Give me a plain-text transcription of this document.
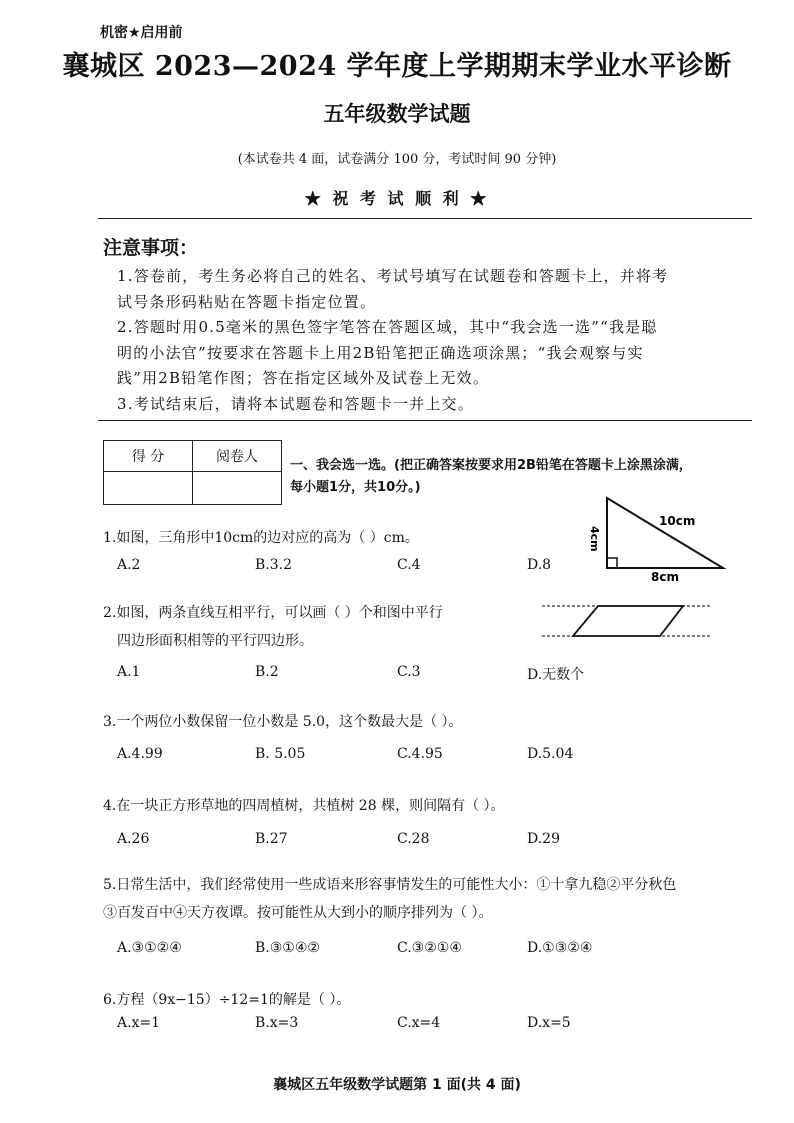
机密★启用前
襄城区 2023—2024 学年度上学期期末学业水平诊断
五年级数学试题
(本试卷共 4 面，试卷满分 100 分，考试时间 90 分钟)
★ 祝 考 试 顺 利 ★
注意事项：
1.答卷前，考生务必将自己的姓名、考试号填写在试题卷和答题卡上，并将考
试号条形码粘贴在答题卡指定位置。
2.答题时用0.5毫米的黑色签字笔答在答题区域，其中“我会选一选”“我是聪
明的小法官”按要求在答题卡上用2B铅笔把正确选项涂黑；“我会观察与实
践”用2B铅笔作图；答在指定区域外及试卷上无效。
3.考试结束后，请将本试题卷和答题卡一并上交。
得 分	阅卷人

一、我会选一选。(把正确答案按要求用2B铅笔在答题卡上涂黑涂满，
每小题1分，共10分。)
1.如图，三角形中10cm的边对应的高为（ ）cm。
A.2	B.3.2	C.4	D.8
4cm
10cm
8cm
2.如图，两条直线互相平行，可以画（ ）个和图中平行
四边形面积相等的平行四边形。
A.1	B.2	C.3	D.无数个
3.一个两位小数保留一位小数是 5.0，这个数最大是（ ）。
A.4.99	B. 5.05	C.4.95	D.5.04
4.在一块正方形草地的四周植树，共植树 28 棵，则间隔有（ ）。
A.26	B.27	C.28	D.29
5.日常生活中，我们经常使用一些成语来形容事情发生的可能性大小：①十拿九稳②平分秋色
③百发百中④天方夜谭。按可能性从大到小的顺序排列为（ ）。
A.③①②④	B.③①④②	C.③②①④	D.①③②④
6.方程（9x−15）÷12=1的解是（ ）。
A.x=1	B.x=3	C.x=4	D.x=5
襄城区五年级数学试题第 1 面(共 4 面)
